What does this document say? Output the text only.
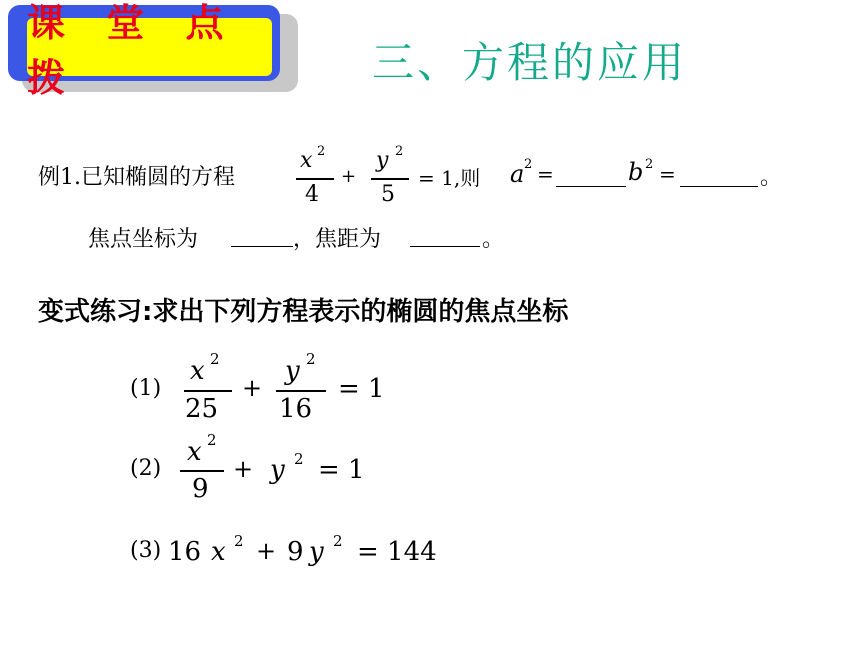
课 堂 点 拨	三、方程的应用
例1.已知椭圆的方程
x 2
4
+
y 2
5
= 1,则 a 2 =	b 2 =	。
焦点坐标为	，焦距为	。
变式练习:求出下列方程表示的椭圆的焦点坐标
(1)
x 2
25
+
y 2
16
= 1
(2)
x 2
9
+ y 2 = 1
(3) 16 x 2 + 9 y 2 = 144
